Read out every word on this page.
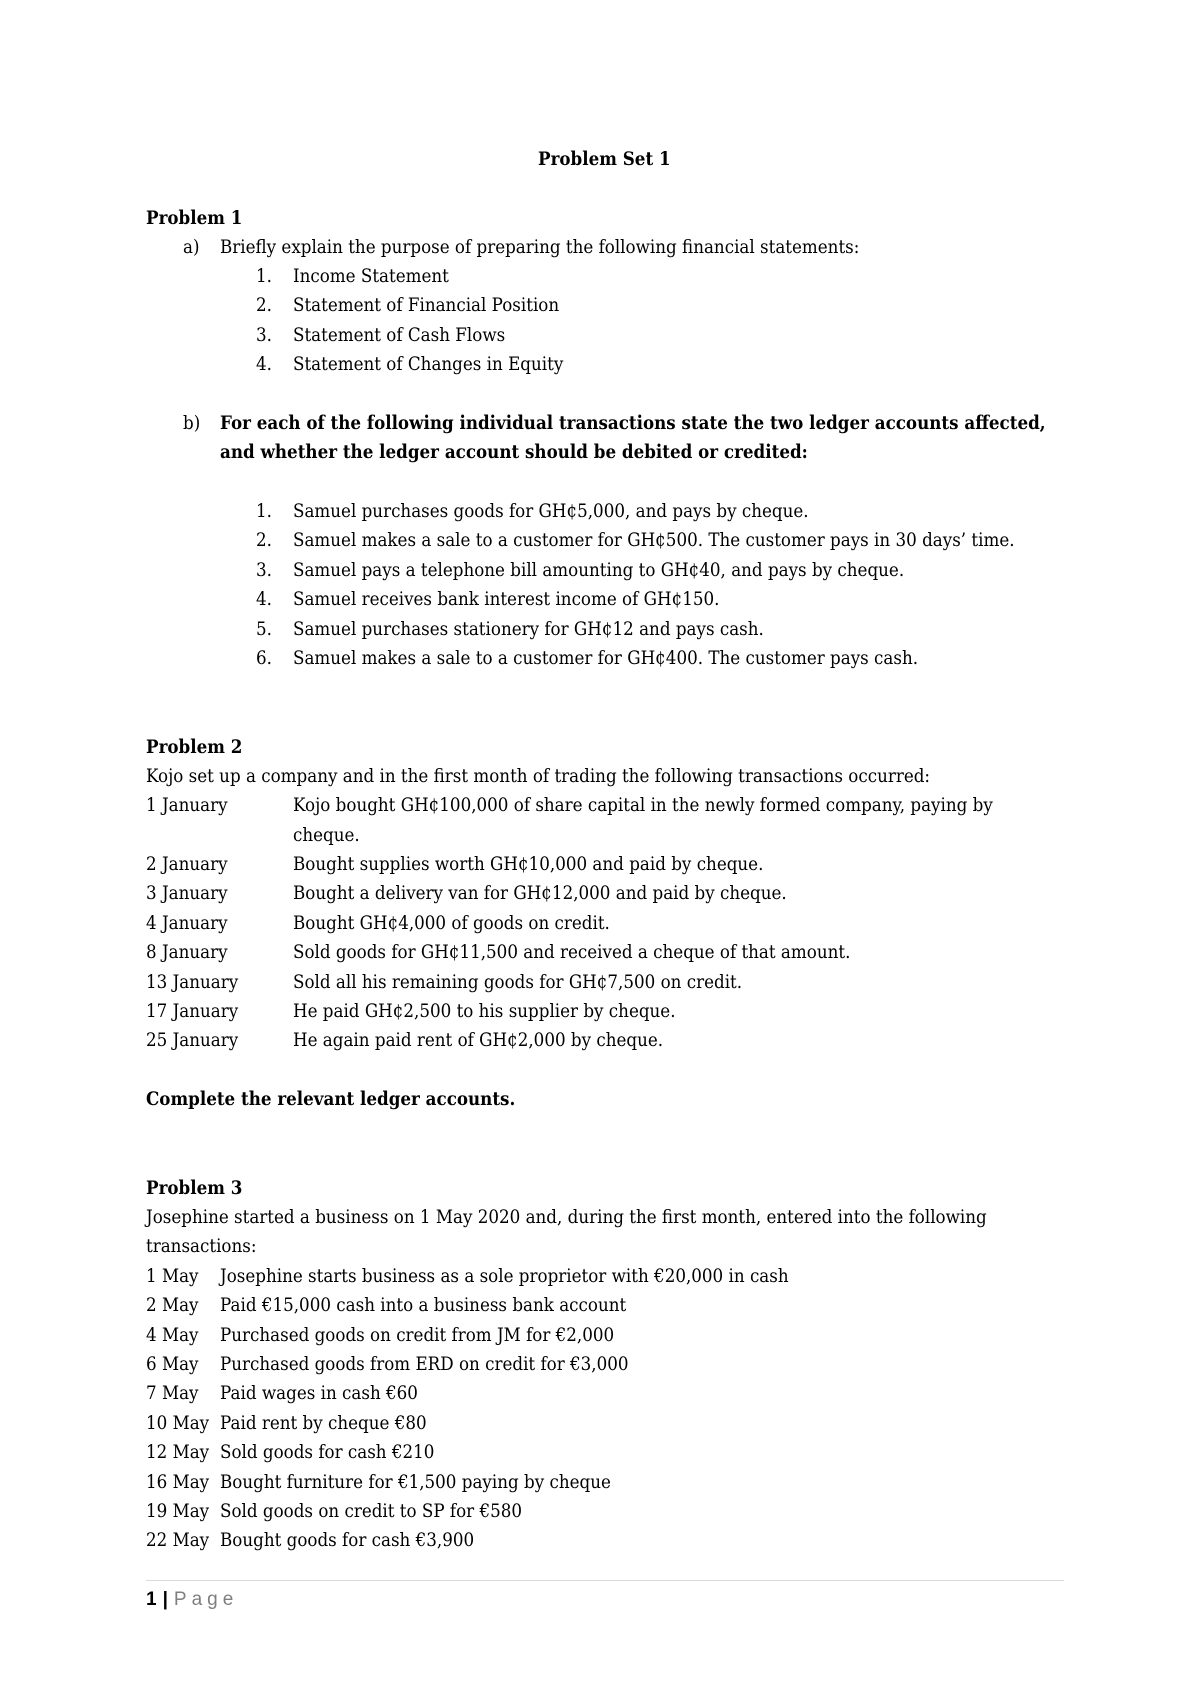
Problem Set 1
Problem 1
a) Briefly explain the purpose of preparing the following financial statements:
1. Income Statement
2. Statement of Financial Position
3. Statement of Cash Flows
4. Statement of Changes in Equity
b) For each of the following individual transactions state the two ledger accounts affected,
and whether the ledger account should be debited or credited:
1. Samuel purchases goods for GH¢5,000, and pays by cheque.
2. Samuel makes a sale to a customer for GH¢500. The customer pays in 30 days’ time.
3. Samuel pays a telephone bill amounting to GH¢40, and pays by cheque.
4. Samuel receives bank interest income of GH¢150.
5. Samuel purchases stationery for GH¢12 and pays cash.
6. Samuel makes a sale to a customer for GH¢400. The customer pays cash.
Problem 2
Kojo set up a company and in the first month of trading the following transactions occurred:
1 January	Kojo bought GH¢100,000 of share capital in the newly formed company, paying by
cheque.
2 January	Bought supplies worth GH¢10,000 and paid by cheque.
3 January	Bought a delivery van for GH¢12,000 and paid by cheque.
4 January	Bought GH¢4,000 of goods on credit.
8 January	Sold goods for GH¢11,500 and received a cheque of that amount.
13 January	Sold all his remaining goods for GH¢7,500 on credit.
17 January	He paid GH¢2,500 to his supplier by cheque.
25 January	He again paid rent of GH¢2,000 by cheque.
Complete the relevant ledger accounts.
Problem 3
Josephine started a business on 1 May 2020 and, during the first month, entered into the following
transactions:
1 May Josephine starts business as a sole proprietor with €20,000 in cash
2 May Paid €15,000 cash into a business bank account
4 May Purchased goods on credit from JM for €2,000
6 May Purchased goods from ERD on credit for €3,000
7 May Paid wages in cash €60
10 May Paid rent by cheque €80
12 May Sold goods for cash €210
16 May Bought furniture for €1,500 paying by cheque
19 May Sold goods on credit to SP for €580
22 May Bought goods for cash €3,900
1 | Page
